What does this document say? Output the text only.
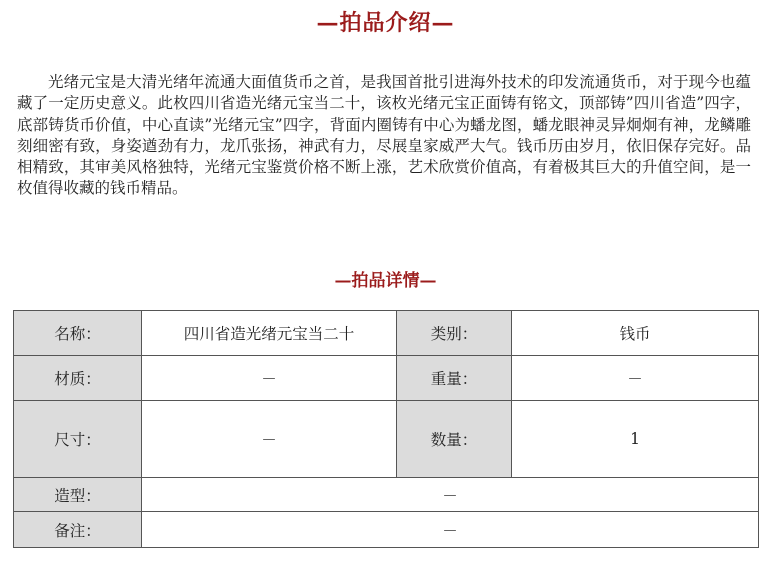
—拍品介绍—
光绪元宝是大清光绪年流通大面值货币之首，是我国首批引进海外技术的印发流通货币，对于现今也蕴藏了一定历史意义。此枚四川省造光绪元宝当二十，该枚光绪元宝正面铸有铭文，顶部铸”四川省造”四字，底部铸货币价值，中心直读”光绪元宝”四字，背面内圈铸有中心为蟠龙图，蟠龙眼神灵异炯炯有神，龙鳞雕刻细密有致，身姿遒劲有力，龙爪张扬，神武有力，尽展皇家威严大气。钱币历由岁月，依旧保存完好。品相精致，其审美风格独特，光绪元宝鉴赏价格不断上涨，艺术欣赏价值高，有着极其巨大的升值空间，是一枚值得收藏的钱币精品。
—拍品详情—
名称：	四川省造光绪元宝当二十	类别：	钱币
材质：	－	重量：	－
尺寸：	－	数量：	1
造型：	－		
备注：	－		
